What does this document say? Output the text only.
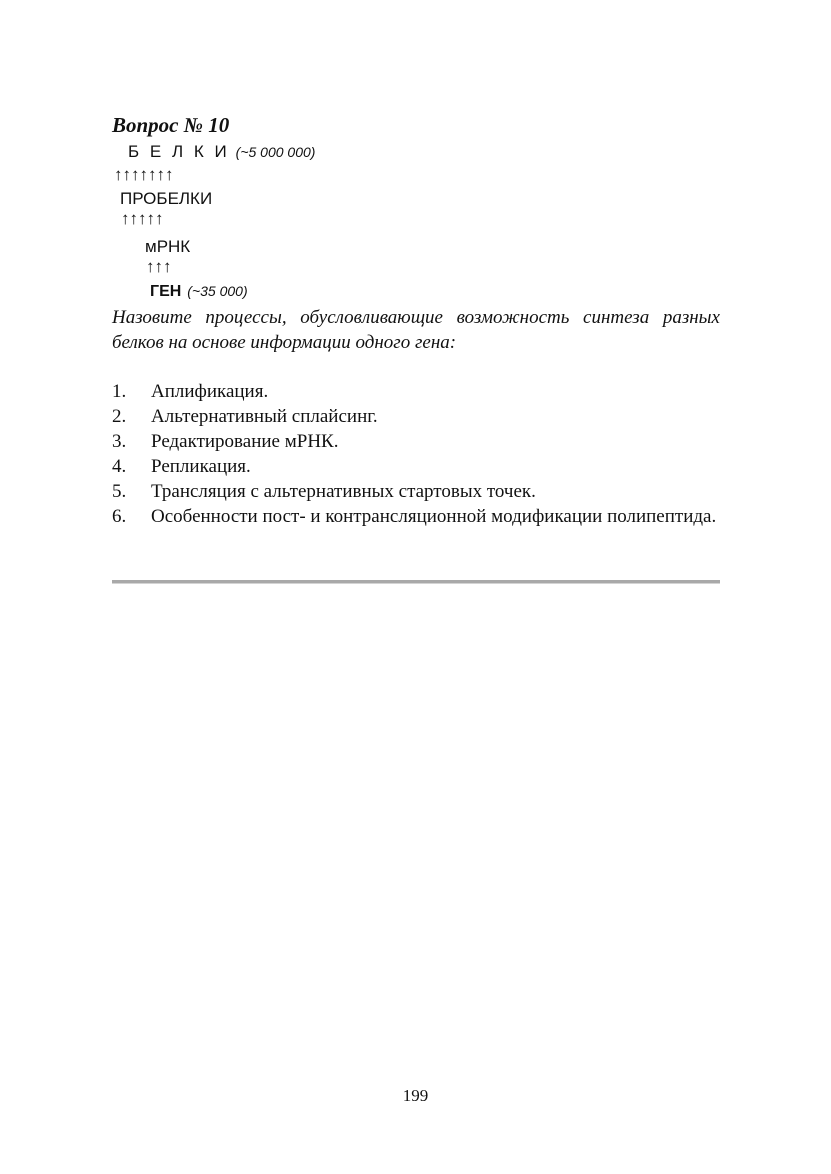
Вопрос № 10
Б Е Л К И (~5 000 000)
↑↑↑↑↑↑↑
ПРОБЕЛКИ
↑↑↑↑↑
мРНК
↑↑↑
ГЕН (~35 000)
Назовите процессы, обусловливающие возможность синтеза разных белков на основе информации одного гена:
1. Аплификация.
2. Альтернативный сплайсинг.
3. Редактирование мРНК.
4. Репликация.
5. Трансляция с альтернативных стартовых точек.
6. Особенности пост- и контрансляционной модификации полипептида.
199
